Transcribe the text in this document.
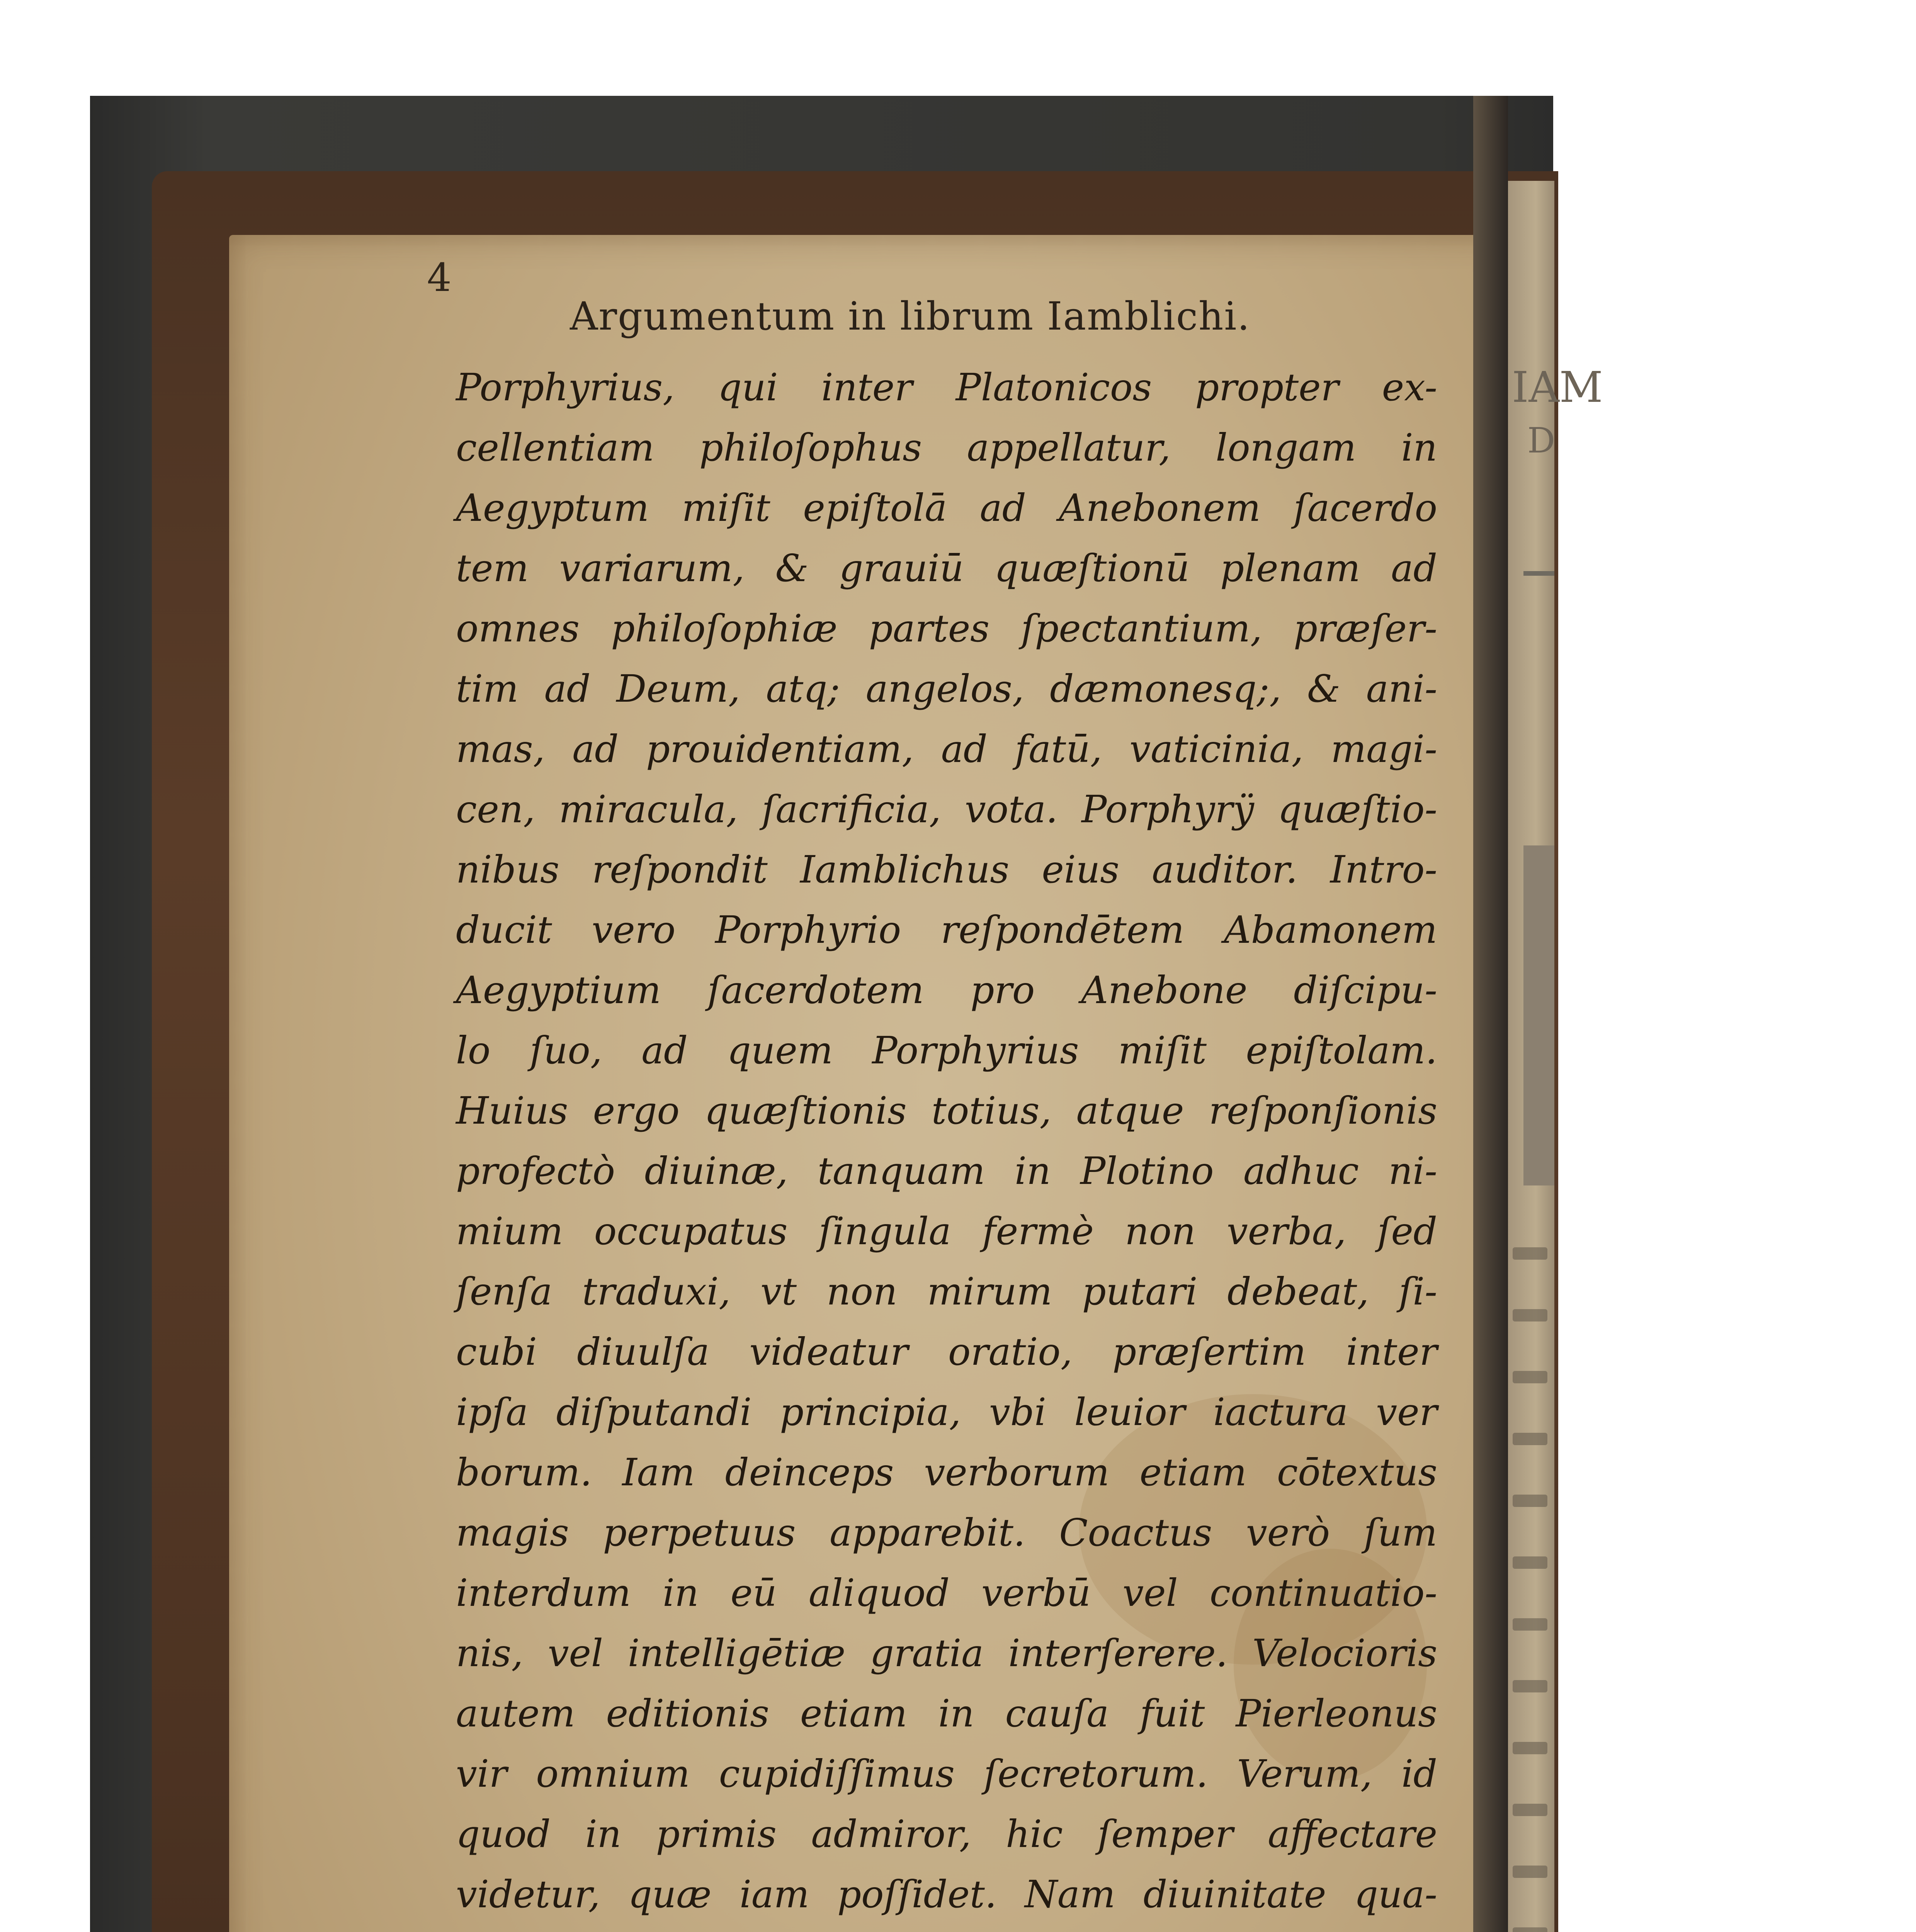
IAM
D
4
Argumentum in librum Iamblichi.
Porphyrius, qui inter Platonicos propter ex-
cellentiam philoſophus appellatur, longam in
Aegyptum miſit epiſtolā ad Anebonem ſacerdo
tem variarum, & grauiū quæſtionū plenam ad
omnes philoſophiæ partes ſpectantium, præſer-
tim ad Deum, atq; angelos, dæmonesq;, & ani-
mas, ad prouidentiam, ad fatū, vaticinia, magi-
cen, miracula, ſacrificia, vota. Porphyrÿ quæſtio-
nibus reſpondit Iamblichus eius auditor. Intro-
ducit vero Porphyrio reſpondētem Abamonem
Aegyptium ſacerdotem pro Anebone diſcipu-
lo ſuo, ad quem Porphyrius miſit epiſtolam.
Huius ergo quæſtionis totius, atque reſponſionis
profectò diuinæ, tanquam in Plotino adhuc ni-
mium occupatus ſingula fermè non verba, ſed
ſenſa traduxi, vt non mirum putari debeat, ſi-
cubi diuulſa videatur oratio, præſertim inter
ipſa diſputandi principia, vbi leuior iactura ver
borum. Iam deinceps verborum etiam cōtextus
magis perpetuus apparebit. Coactus verò ſum
interdum in eū aliquod verbū vel continuatio-
nis, vel intelligētiæ gratia interſerere. Velocioris
autem editionis etiam in cauſa fuit Pierleonus
vir omnium cupidiſſimus ſecretorum. Verum, id
quod in primis admiror, hic ſemper affectare
videtur, quæ iam poſſidet. Nam diuinitate qua-
